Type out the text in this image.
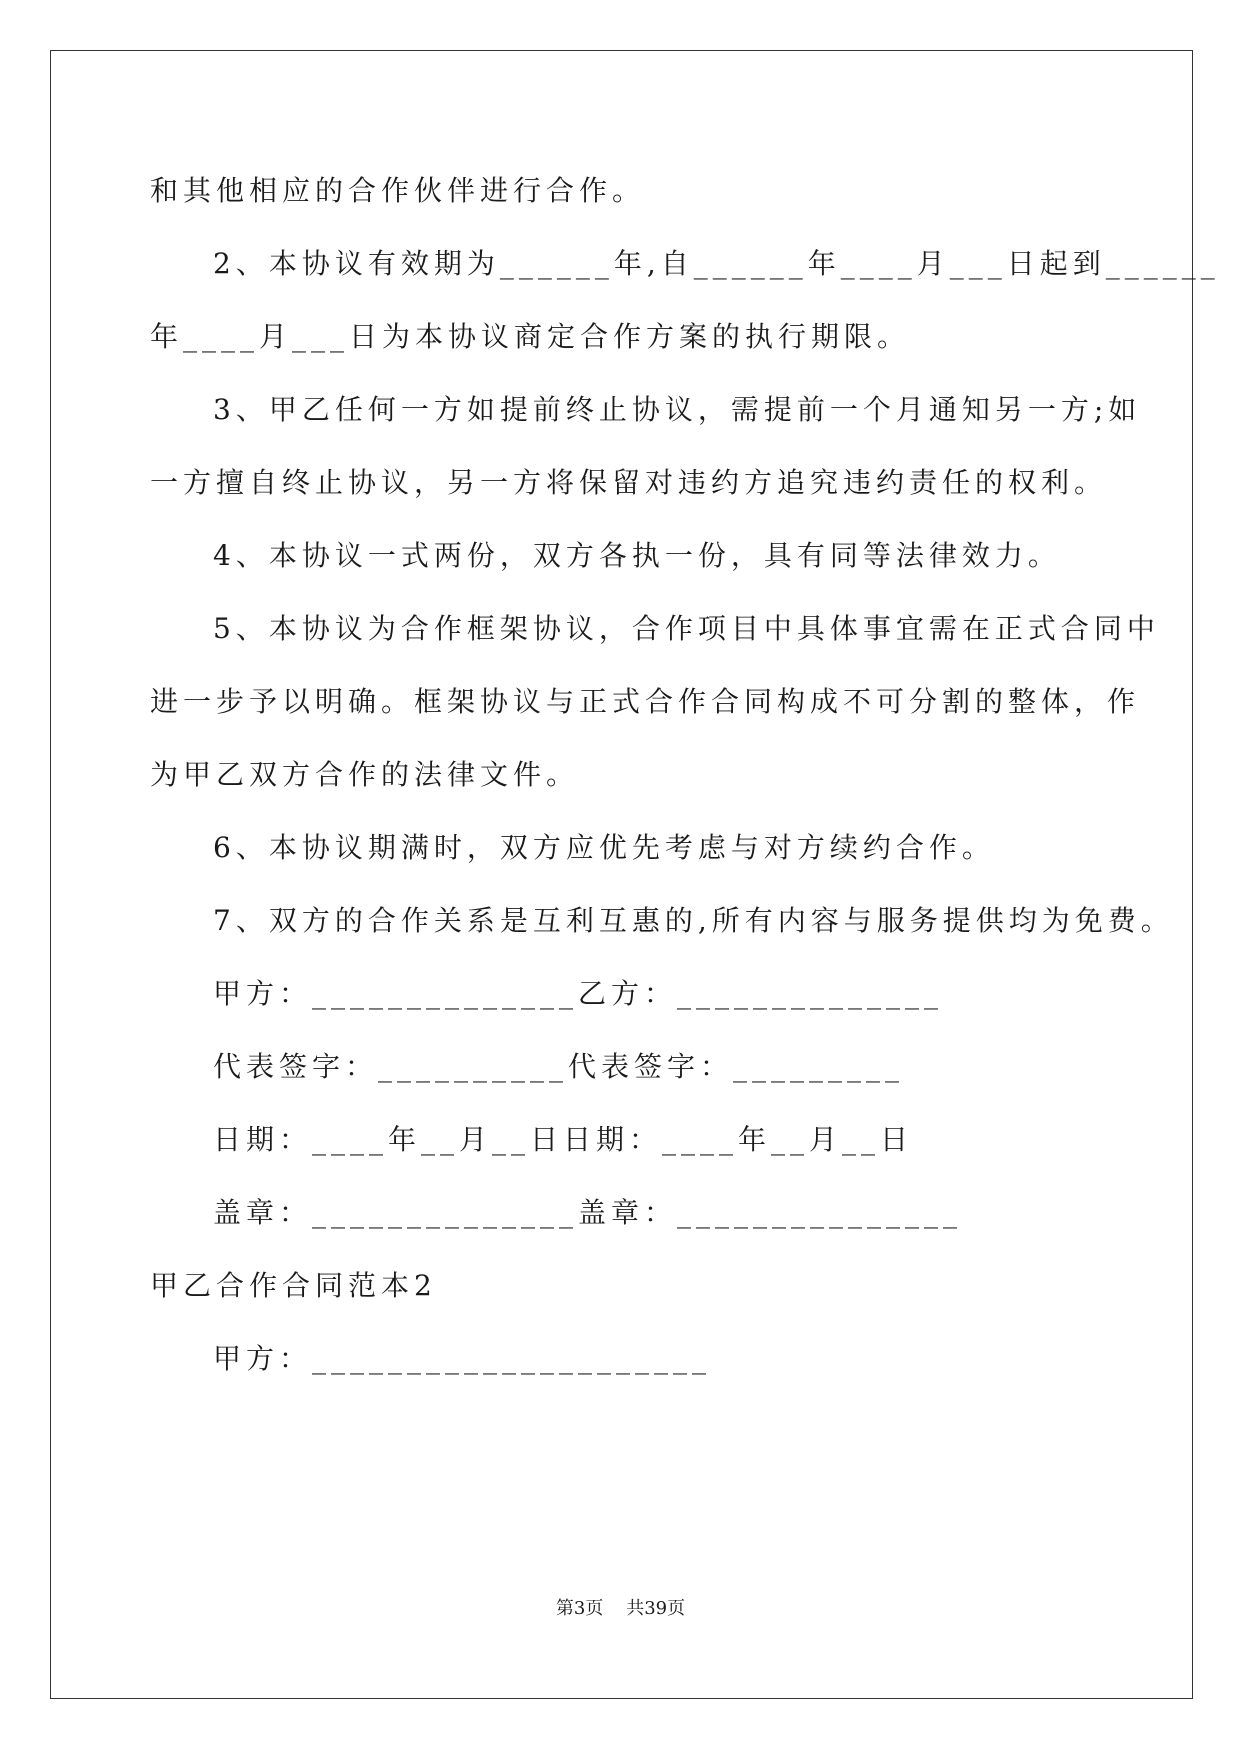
和其他相应的合作伙伴进行合作。
2、本协议有效期为______年,自______年____月___日起到______
年____月___日为本协议商定合作方案的执行期限。
3、甲乙任何一方如提前终止协议，需提前一个月通知另一方;如
一方擅自终止协议，另一方将保留对违约方追究违约责任的权利。
4、本协议一式两份，双方各执一份，具有同等法律效力。
5、本协议为合作框架协议，合作项目中具体事宜需在正式合同中
进一步予以明确。框架协议与正式合作合同构成不可分割的整体，作
为甲乙双方合作的法律文件。
6、本协议期满时，双方应优先考虑与对方续约合作。
7、双方的合作关系是互利互惠的,所有内容与服务提供均为免费。
甲方：______________乙方：______________
代表签字：__________代表签字：_________
日期：____年__月__日日期：____年__月__日
盖章：______________盖章：_______________
甲乙合作合同范本2
甲方：_____________________
第3页    共39页
